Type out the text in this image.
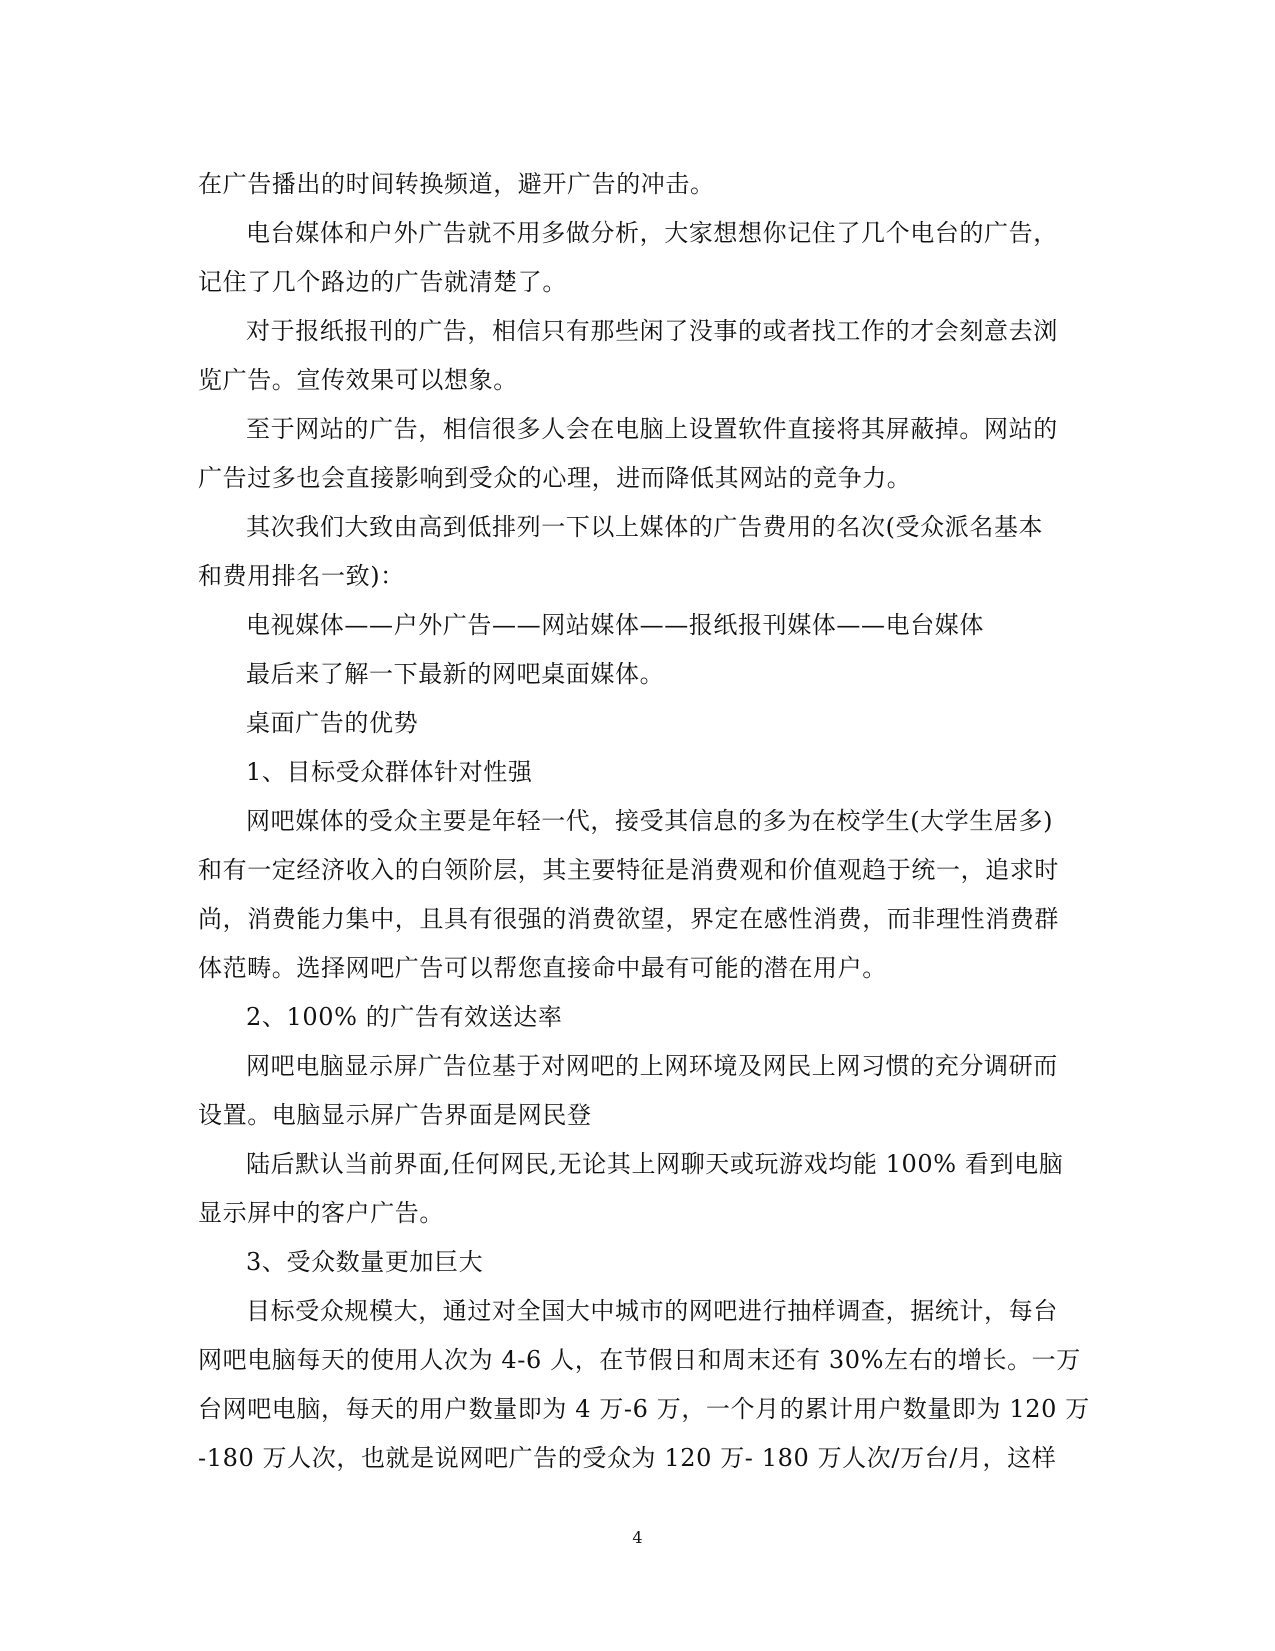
在广告播出的时间转换频道，避开广告的冲击。
电台媒体和户外广告就不用多做分析，大家想想你记住了几个电台的广告，
记住了几个路边的广告就清楚了。
对于报纸报刊的广告，相信只有那些闲了没事的或者找工作的才会刻意去浏
览广告。宣传效果可以想象。
至于网站的广告，相信很多人会在电脑上设置软件直接将其屏蔽掉。网站的
广告过多也会直接影响到受众的心理，进而降低其网站的竞争力。
其次我们大致由高到低排列一下以上媒体的广告费用的名次(受众派名基本
和费用排名一致)：
电视媒体——户外广告——网站媒体——报纸报刊媒体——电台媒体
最后来了解一下最新的网吧桌面媒体。
桌面广告的优势
1、目标受众群体针对性强
网吧媒体的受众主要是年轻一代，接受其信息的多为在校学生(大学生居多)
和有一定经济收入的白领阶层，其主要特征是消费观和价值观趋于统一，追求时
尚，消费能力集中，且具有很强的消费欲望，界定在感性消费，而非理性消费群
体范畴。选择网吧广告可以帮您直接命中最有可能的潜在用户。
2、100% 的广告有效送达率
网吧电脑显示屏广告位基于对网吧的上网环境及网民上网习惯的充分调研而
设置。电脑显示屏广告界面是网民登
陆后默认当前界面,任何网民,无论其上网聊天或玩游戏均能 100% 看到电脑
显示屏中的客户广告。
3、受众数量更加巨大
目标受众规模大，通过对全国大中城市的网吧进行抽样调查，据统计，每台
网吧电脑每天的使用人次为 4-6 人，在节假日和周末还有 30%左右的增长。一万
台网吧电脑，每天的用户数量即为 4 万-6 万，一个月的累计用户数量即为 120 万
-180 万人次，也就是说网吧广告的受众为 120 万- 180 万人次/万台/月，这样
4
